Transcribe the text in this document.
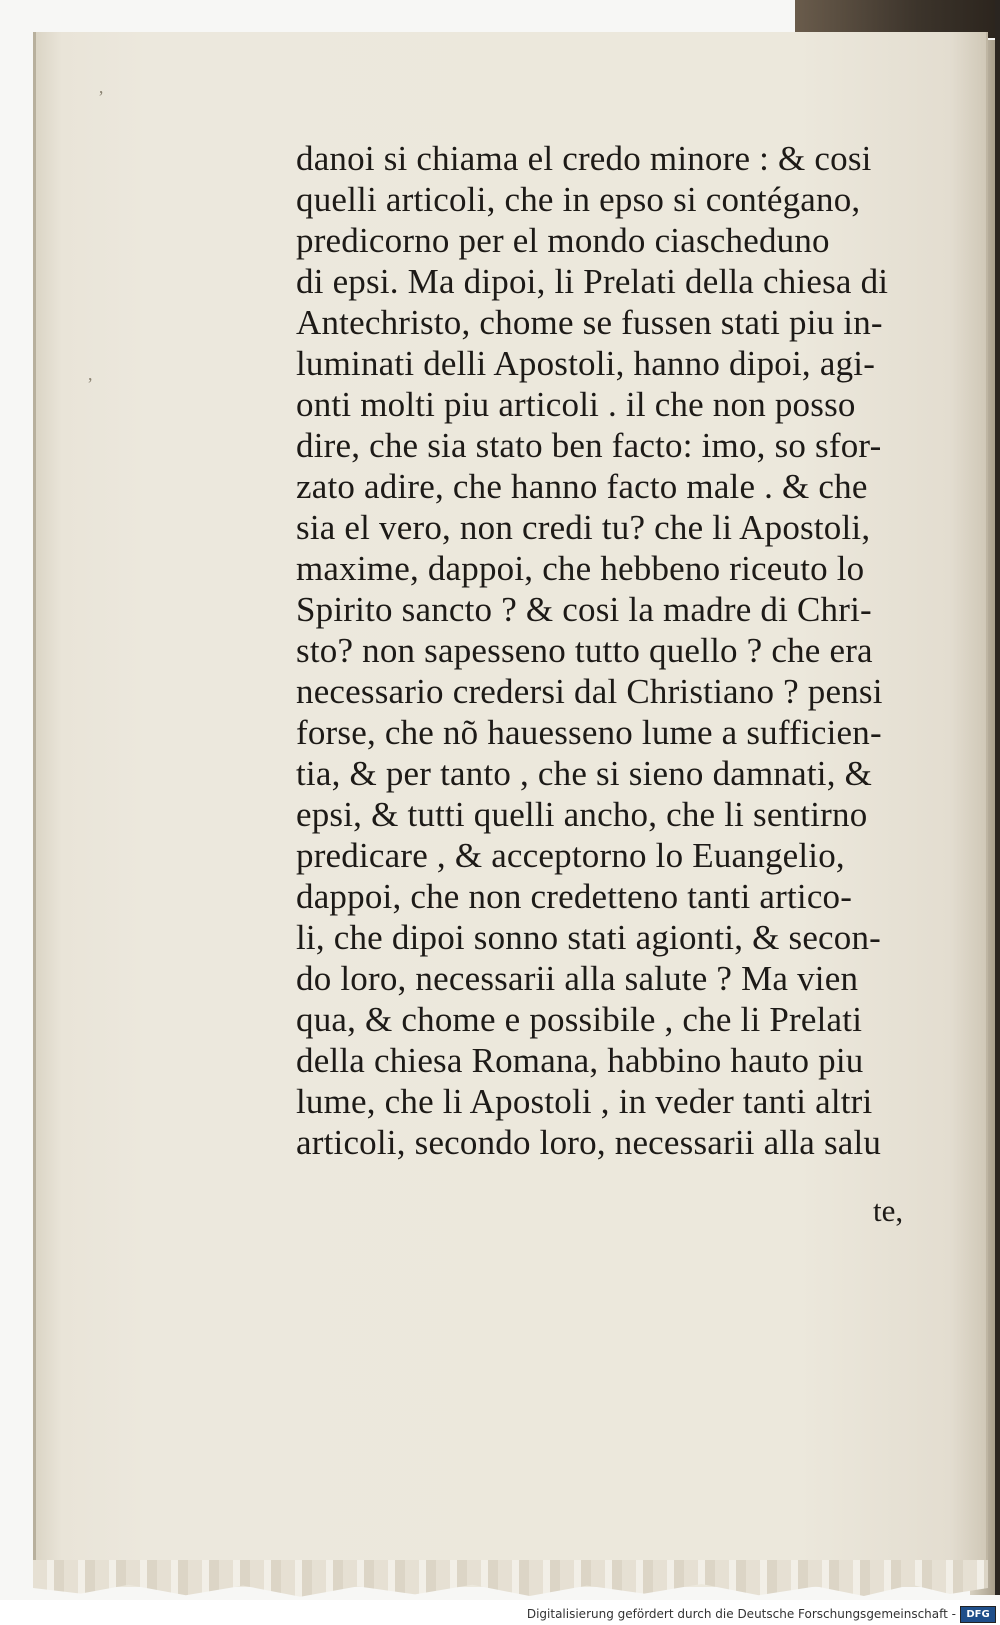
ʼ
,
danoi si chiama el credo minore : & cosi
quelli articoli, che in epso si contégano,
predicorno per el mondo ciascheduno
di epsi. Ma dipoi, li Prelati della chiesa di
Antechristo, chome se fussen stati piu in-
luminati delli Apostoli, hanno dipoi, agi-
onti molti piu articoli . il che non posso
dire, che sia stato ben facto: imo, so sfor-
zato adire, che hanno facto male . & che
sia el vero, non credi tu? che li Apostoli,
maxime, dappoi, che hebbeno riceuto lo
Spirito sancto ? & cosi la madre di Chri-
sto? non sapesseno tutto quello ? che era
necessario credersi dal Christiano ? pensi
forse, che nõ hauesseno lume a sufficien-
tia, & per tanto , che si sieno damnati, &
epsi, & tutti quelli ancho, che li sentirno
predicare , & acceptorno lo Euangelio,
dappoi, che non credetteno tanti artico-
li, che dipoi sonno stati agionti, & secon-
do loro, necessarii alla salute ? Ma vien
qua, & chome e possibile , che li Prelati
della chiesa Romana, habbino hauto piu
lume, che li Apostoli , in veder tanti altri
articoli, secondo loro, necessarii alla salu
te,
Digitalisierung gefördert durch die Deutsche Forschungsgemeinschaft -	DFG
